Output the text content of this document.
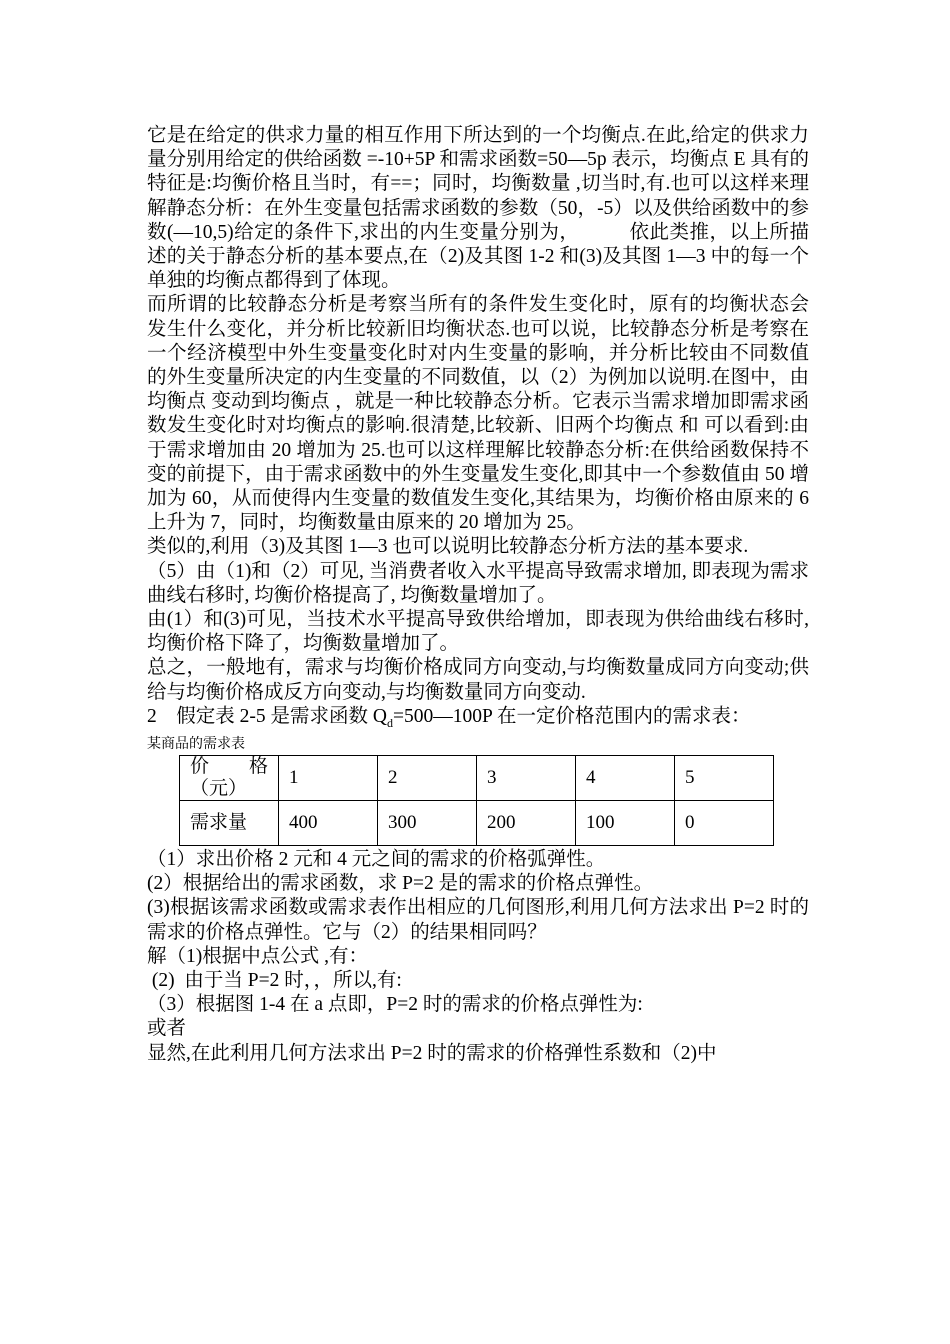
它是在给定的供求力量的相互作用下所达到的一个均衡点.在此,给定的供求力量分别用给定的供给函数 =-10+5P 和需求函数=50—5p 表示，均衡点 E 具有的特征是:均衡价格且当时，有==；同时，均衡数量 ,切当时,有.也可以这样来理解静态分析：在外生变量包括需求函数的参数（50，-5）以及供给函数中的参数(—10,5)给定的条件下,求出的内生变量分别为，　　　依此类推，以上所描述的关于静态分析的基本要点,在（2)及其图 1-2 和(3)及其图 1—3 中的每一个单独的均衡点都得到了体现。

而所谓的比较静态分析是考察当所有的条件发生变化时，原有的均衡状态会发生什么变化，并分析比较新旧均衡状态.也可以说，比较静态分析是考察在一个经济模型中外生变量变化时对内生变量的影响，并分析比较由不同数值的外生变量所决定的内生变量的不同数值，以（2）为例加以说明.在图中，由均衡点 变动到均衡点 ，就是一种比较静态分析。它表示当需求增加即需求函数发生变化时对均衡点的影响.很清楚,比较新、旧两个均衡点 和 可以看到:由于需求增加由 20 增加为 25.也可以这样理解比较静态分析:在供给函数保持不变的前提下，由于需求函数中的外生变量发生变化,即其中一个参数值由 50 增加为 60，从而使得内生变量的数值发生变化,其结果为，均衡价格由原来的 6 上升为 7，同时，均衡数量由原来的 20 增加为 25。

类似的,利用（3)及其图 1—3 也可以说明比较静态分析方法的基本要求.

（5）由（1)和（2）可见, 当消费者收入水平提高导致需求增加, 即表现为需求曲线右移时, 均衡价格提高了, 均衡数量增加了。

由(1）和(3)可见，当技术水平提高导致供给增加，即表现为供给曲线右移时,均衡价格下降了，均衡数量增加了。

总之，一般地有，需求与均衡价格成同方向变动,与均衡数量成同方向变动;供给与均衡价格成反方向变动,与均衡数量同方向变动.

2　假定表 2-5 是需求函数 $Q_d=500—100P$ 在一定价格范围内的需求表：

某商品的需求表

价 格
（元）	1	2	3	4	5
需求量	400	300	200	100	0

（1）求出价格 2 元和 4 元之间的需求的价格弧弹性。

(2）根据给出的需求函数，求 P=2 是的需求的价格点弹性。

(3)根据该需求函数或需求表作出相应的几何图形,利用几何方法求出 P=2 时的需求的价格点弹性。它与（2）的结果相同吗？

解（1)根据中点公式 ,有：

(2)  由于当 P=2 时，，所以,有:

（3）根据图 1-4 在 a 点即，P=2 时的需求的价格点弹性为:

或者

显然,在此利用几何方法求出 P=2 时的需求的价格弹性系数和（2)中
